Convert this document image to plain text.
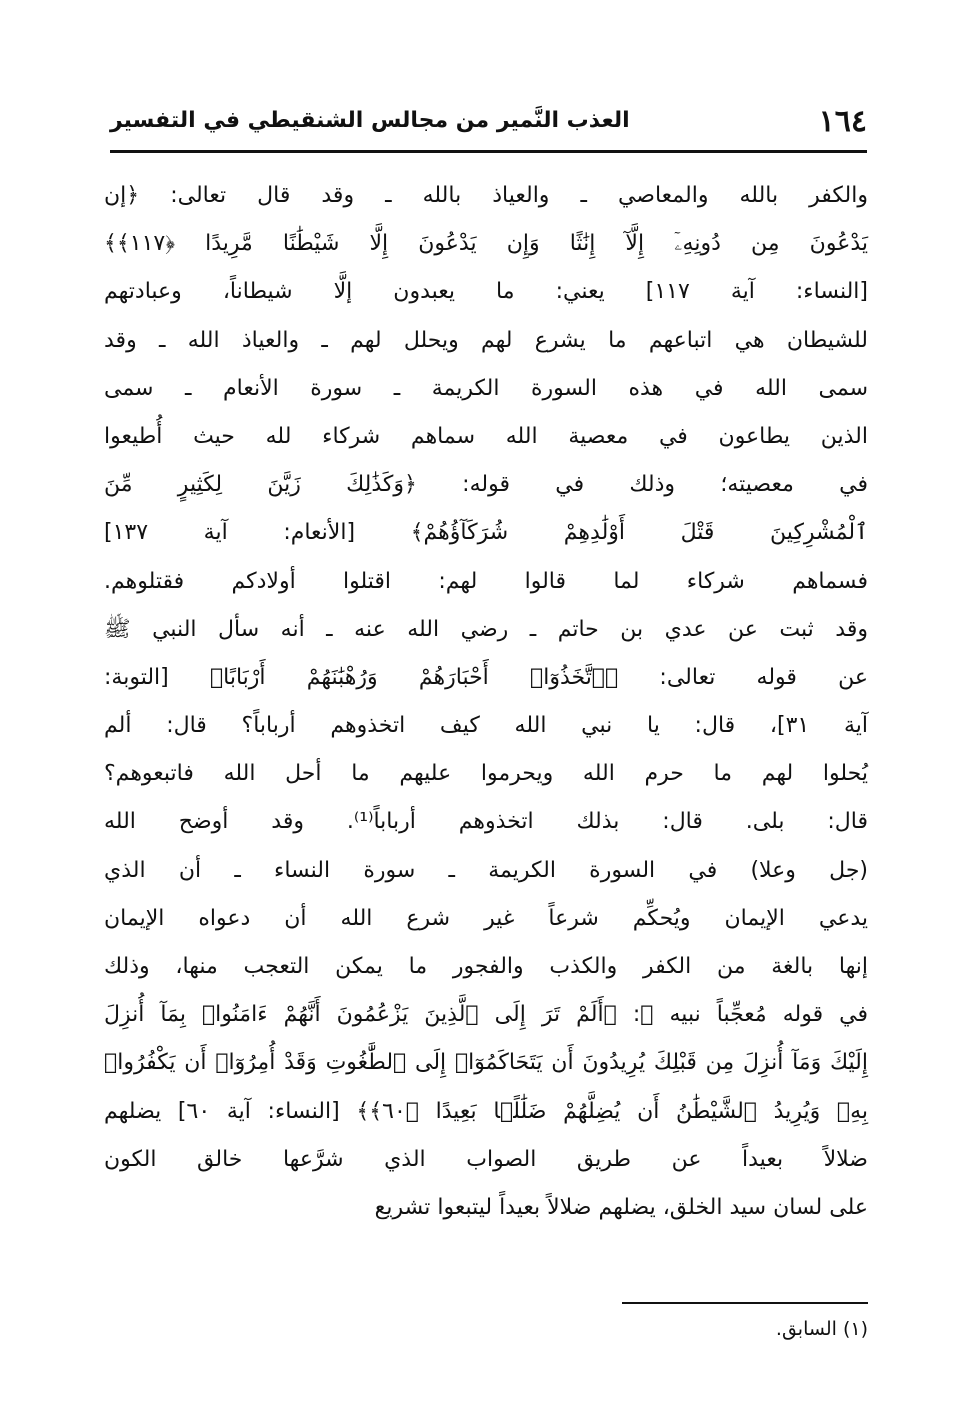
١٦٤
العذب النَّمير من مجالس الشنقيطي في التفسير
والكفر بالله والمعاصي ـ والعياذ بالله ـ وقد قال تعالى: ﴿إن
يَدْعُونَ مِن دُونِهِۦٓ إِلَّآ إِنَٰثًا وَإِن يَدْعُونَ إِلَّا شَيْطَٰنًا مَّرِيدًا ﴿١١٧﴾﴾
[النساء: آية ١١٧] يعني: ما يعبدون إلَّا شيطاناً، وعبادتهم
للشيطان هي اتباعهم ما يشرع لهم ويحلل لهم ـ والعياذ الله ـ وقد
سمى الله في هذه السورة الكريمة ـ سورة الأنعام ـ سمى
الذين يطاعون في معصية الله سماهم شركاء لله حيث أُطيعوا
في معصيته؛ وذلك في قوله: ﴿وَكَذَٰلِكَ زَيَّنَ لِكَثِيرٍ مِّنَ
ٱلْمُشْرِكِينَ قَتْلَ أَوْلَٰدِهِمْ شُرَكَآؤُهُمْ﴾ [الأنعام: آية ١٣٧]
فسماهم شركاء لما قالوا لهم: اقتلوا أولادكم فقتلوهم.
وقد ثبت عن عدي بن حاتم ـ رضي الله عنه ـ أنه سأل النبي ﷺ
عن قوله تعالى: ﴿ٱتَّخَذُوٓا۟ أَحْبَارَهُمْ وَرُهْبَٰنَهُمْ أَرْبَابًا﴾ [التوبة:
آية ٣١]، قال: يا نبي الله كيف اتخذوهم أرباباً؟ قال: ألم
يُحلوا لهم ما حرم الله ويحرموا عليهم ما أحل الله فاتبعوهم؟
قال: بلى. قال: بذلك اتخذوهم أرباباً⁽¹⁾. وقد أوضح الله
(جل وعلا) في السورة الكريمة ـ سورة النساء ـ أن الذي
يدعي الإيمان ويُحكِّم شرعاً غير شرع الله أن دعواه الإيمان
إنها بالغة من الكفر والكذب والفجور ما يمكن التعجب منها، وذلك
في قوله مُعجِّباً نبيه ﷺ: ﴿أَلَمْ تَرَ إِلَى ٱلَّذِينَ يَزْعُمُونَ أَنَّهُمْ ءَامَنُوا۟ بِمَآ أُنزِلَ
إِلَيْكَ وَمَآ أُنزِلَ مِن قَبْلِكَ يُرِيدُونَ أَن يَتَحَاكَمُوٓا۟ إِلَى ٱلطَّٰغُوتِ وَقَدْ أُمِرُوٓا۟ أَن يَكْفُرُوا۟
بِهِۦ وَيُرِيدُ ٱلشَّيْطَٰنُ أَن يُضِلَّهُمْ ضَلَٰلًۢا بَعِيدًا ﴿٦٠﴾﴾ [النساء: آية ٦٠] يضلهم
ضلالاً بعيداً عن طريق الصواب الذي شرَّعها خالق الكون
على لسان سيد الخلق، يضلهم ضلالاً بعيداً ليتبعوا تشريع
(١) السابق.
